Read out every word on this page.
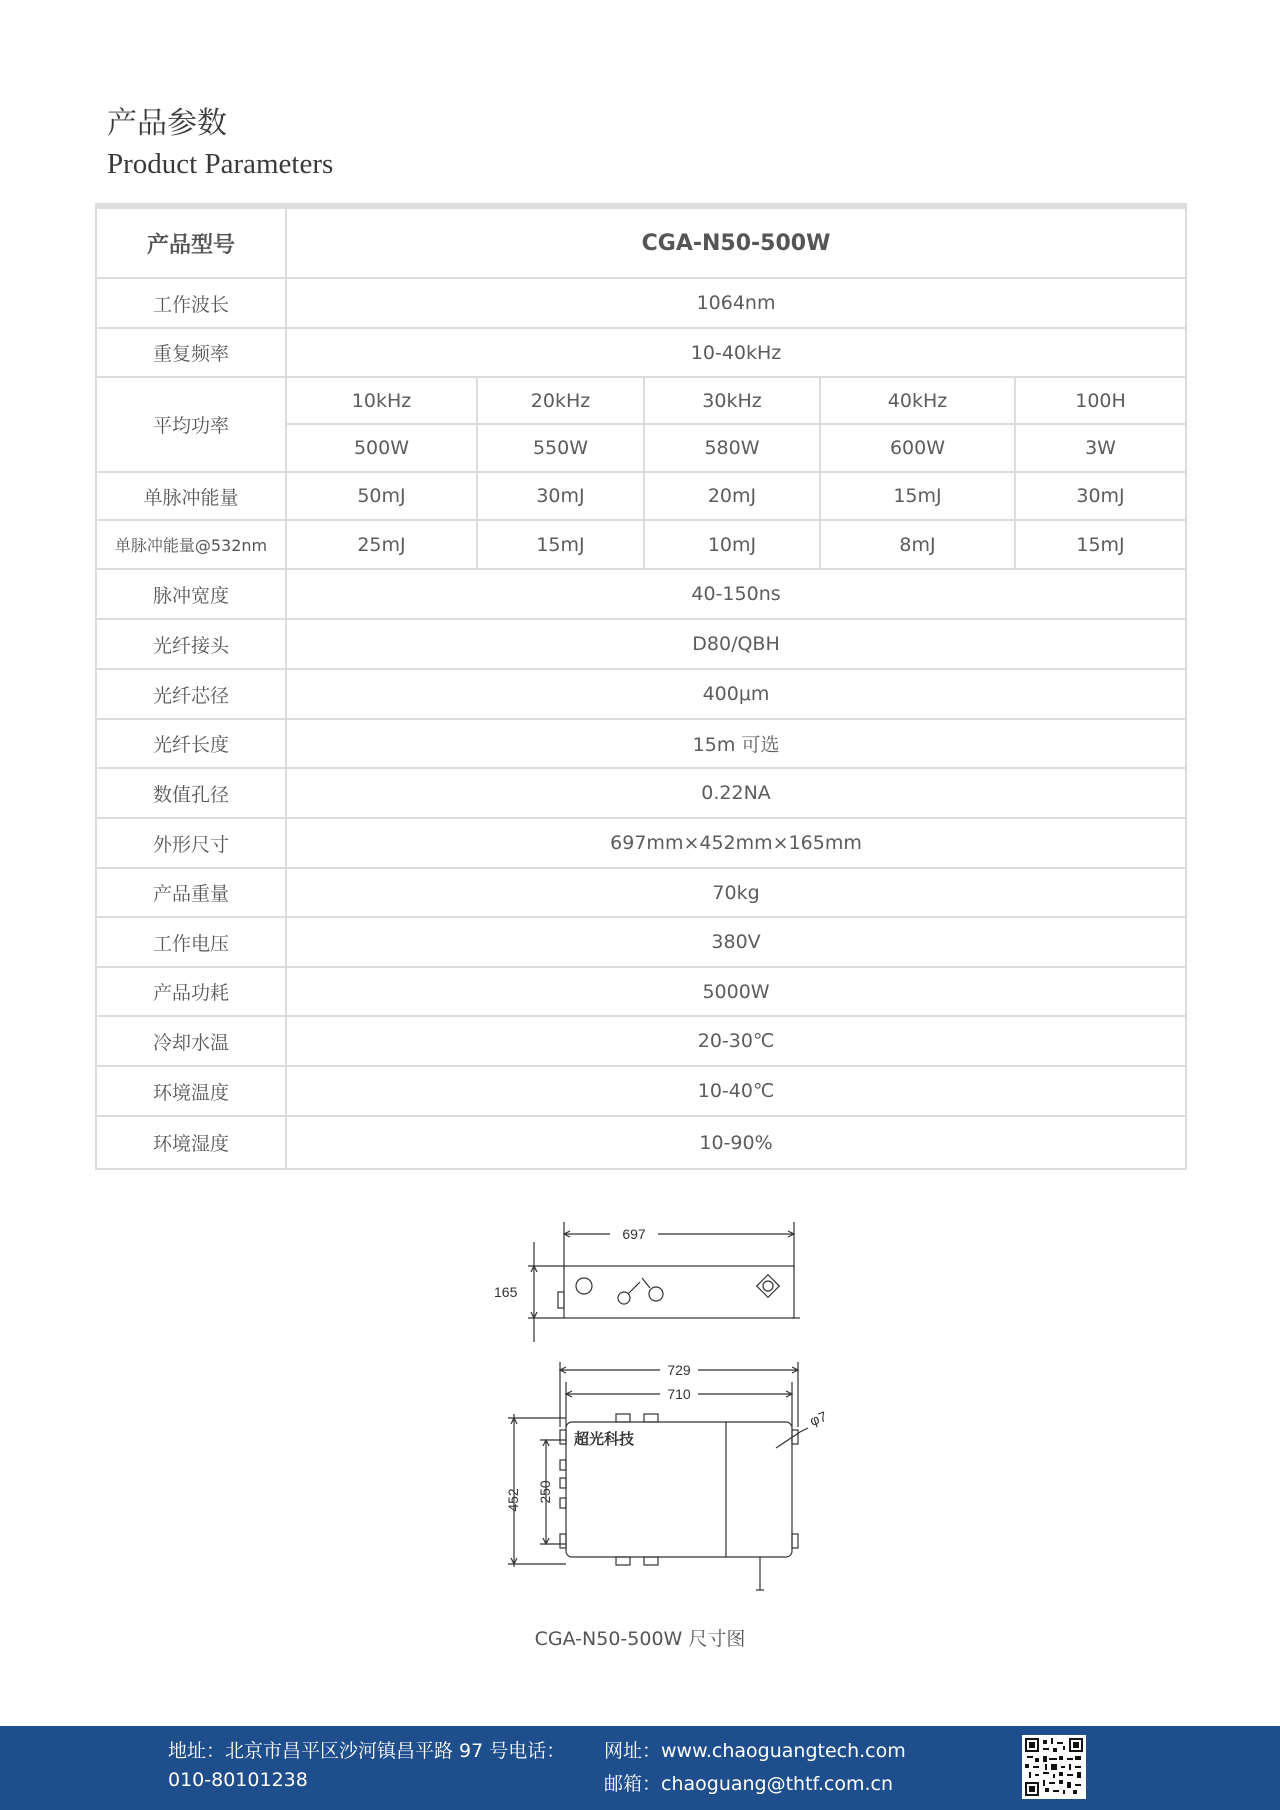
产品参数
Product Parameters
产品型号	CGA-N50-500W				
工作波长	1064nm				
重复频率	10-40kHz				
平均功率	10kHz	20kHz	30kHz	40kHz	100H
	500W	550W	580W	600W	3W
单脉冲能量	50mJ	30mJ	20mJ	15mJ	30mJ
单脉冲能量@532nm	25mJ	15mJ	10mJ	8mJ	15mJ
脉冲宽度	40-150ns				
光纤接头	D80/QBH				
光纤芯径	400μm				
光纤长度	15m 可选				
数值孔径	0.22NA				
外形尺寸	697mm×452mm×165mm				
产品重量	70kg				
工作电压	380V				
产品功耗	5000W				
冷却水温	20-30℃				
环境温度	10-40℃				
环境湿度	10-90%				
697
165
729
710
452 250
φ7
超光科技
CGA-N50-500W 尺寸图
地址：北京市昌平区沙河镇昌平路 97 号电话：
010-80101238
网址：www.chaoguangtech.com
邮箱：chaoguang@thtf.com.cn
